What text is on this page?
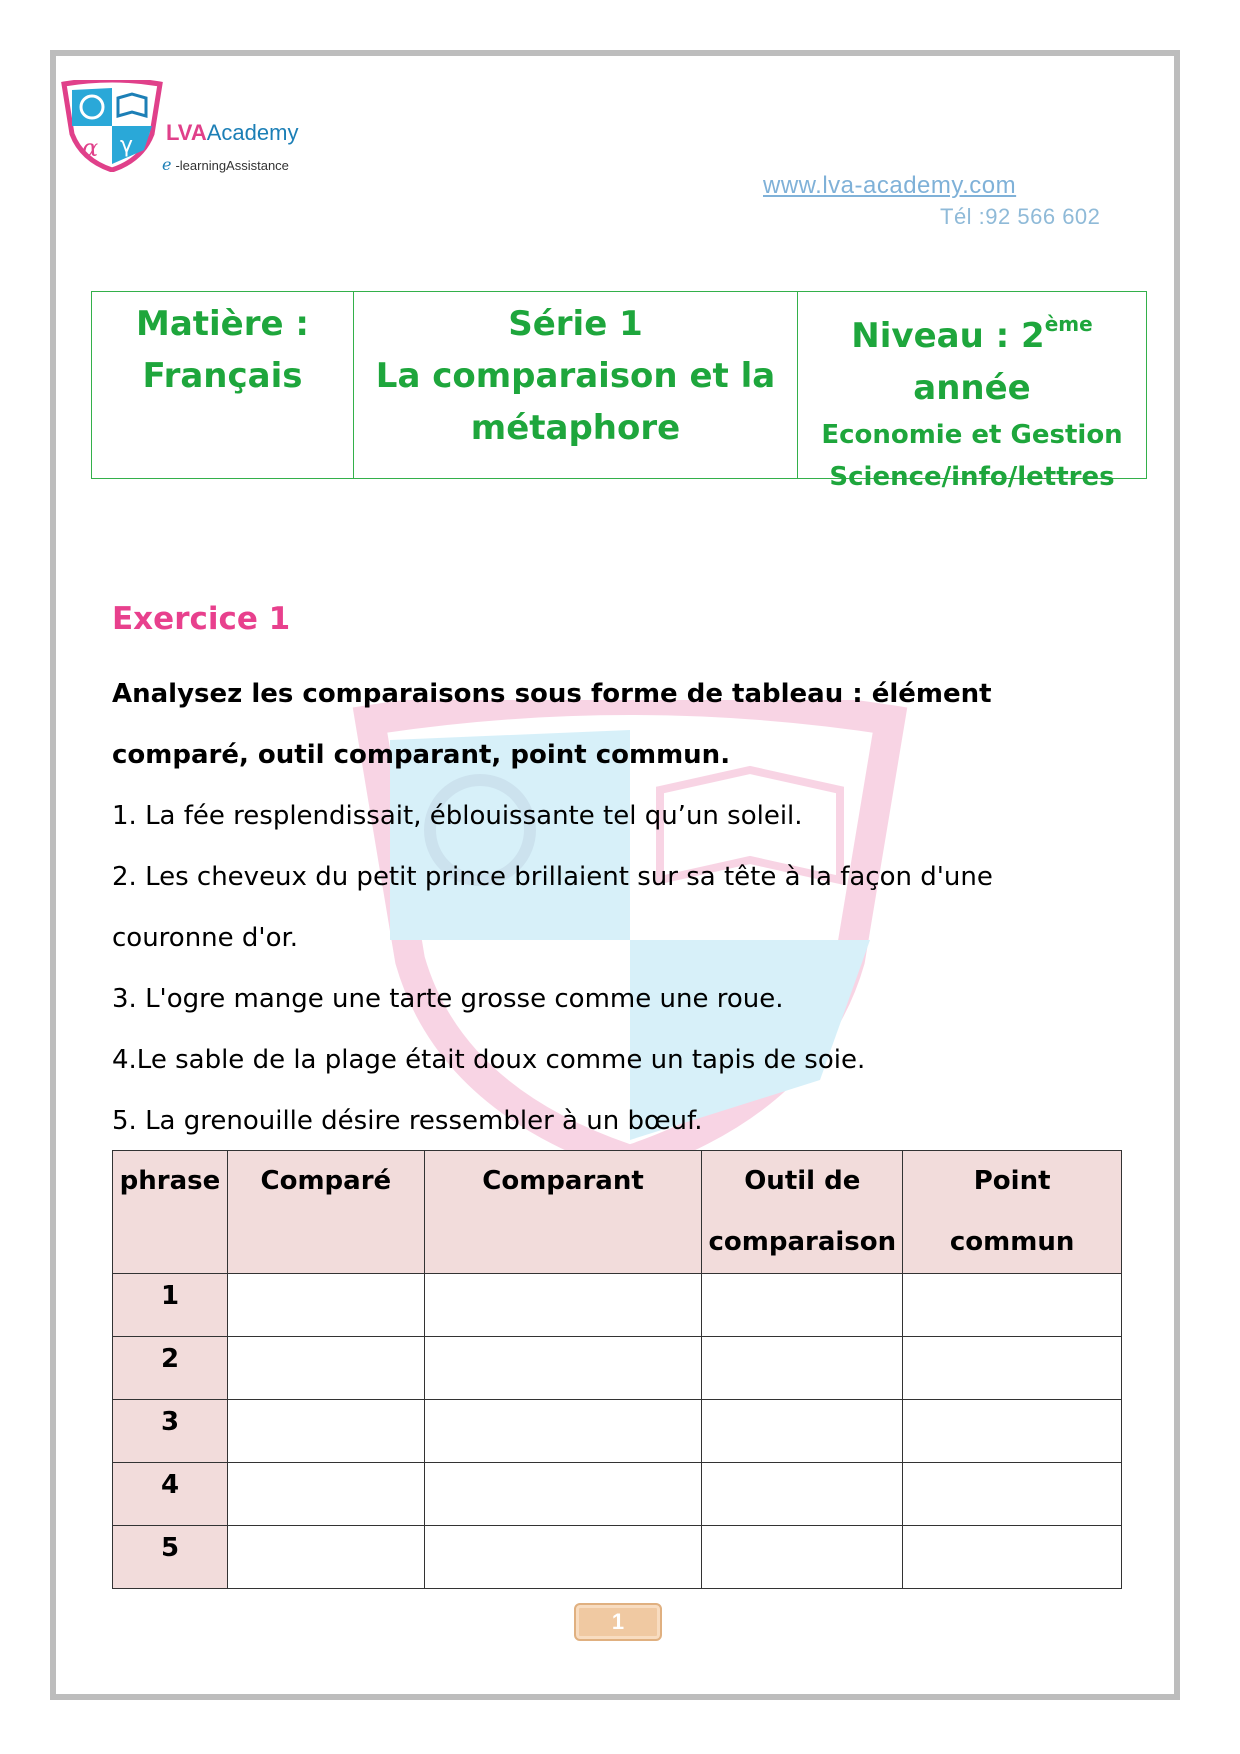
α γ
LVAAcademy
e -learningAssistance
www.lva-academy.com
Tél :92 566 602
Matière :
Français
Série 1
La comparaison et la
métaphore
Niveau : 2ème
année
Economie et Gestion
Science/info/lettres
Exercice 1
Analysez les comparaisons sous forme de tableau : élément comparé, outil comparant, point commun.
1. La fée resplendissait, éblouissante tel qu’un soleil.
2. Les cheveux du petit prince brillaient sur sa tête à la façon d'une couronne d'or.
3. L'ogre mange une tarte grosse comme une roue.
4.Le sable de la plage était doux comme un tapis de soie.
5. La grenouille désire ressembler à un bœuf.
phrase	Comparé	Comparant	Outil de comparaison	Point commun
1				
2				
3				
4				
5				
1
